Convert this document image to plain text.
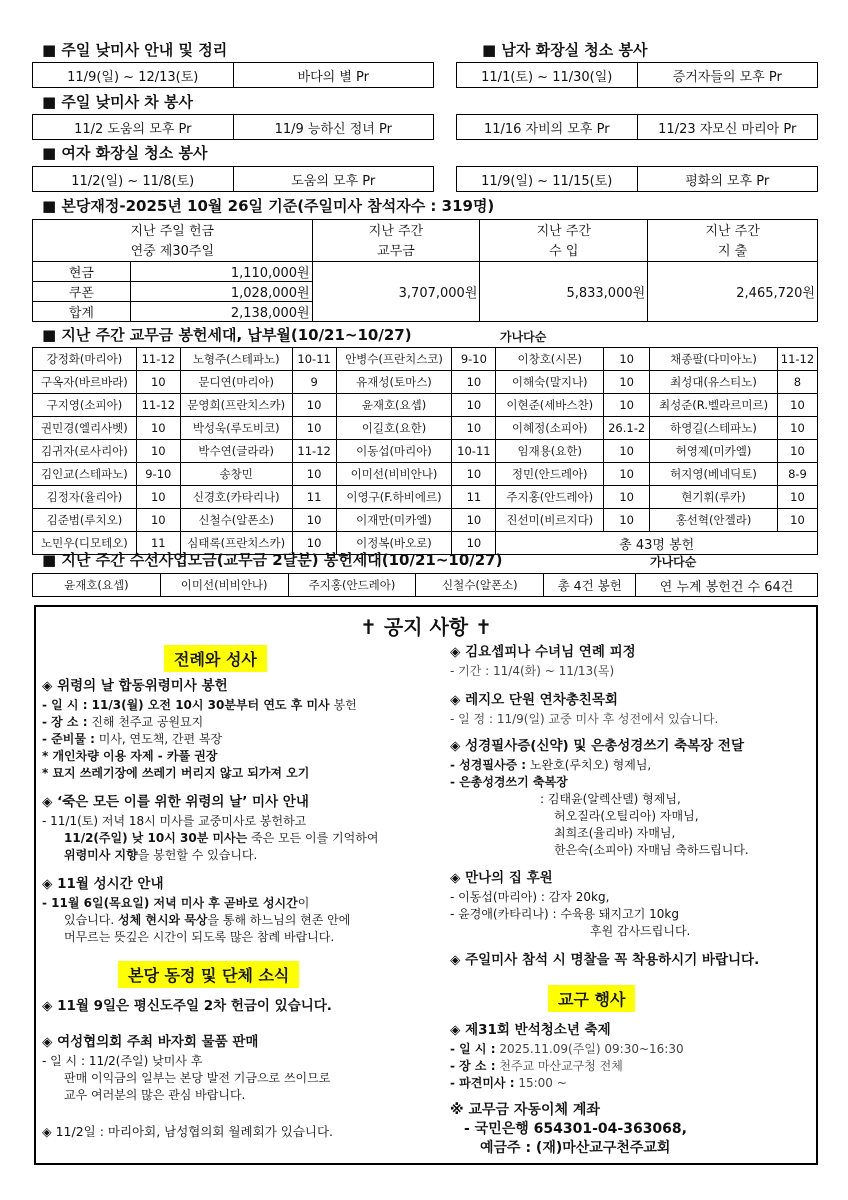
■ 주일 낮미사 안내 및 정리	■ 남자 화장실 청소 봉사
11/9(일) ~ 12/13(토)	바다의 별 Pr	11/1(토) ~ 11/30(일)	증거자들의 모후 Pr
■ 주일 낮미사 차 봉사
11/2 도움의 모후 Pr	11/9 능하신 정녀 Pr	11/16 자비의 모후 Pr	11/23 자모신 마리아 Pr
■ 여자 화장실 청소 봉사
11/2(일) ~ 11/8(토)	도움의 모후 Pr	11/9(일) ~ 11/15(토)	평화의 모후 Pr
■ 본당재정-2025년 10월 26일 기준(주일미사 참석자수 : 319명)
지난 주일 헌금		지난 주간	지난 주간	지난 주간
연중 제30주일		교무금	수 입	지 출
현금	1,110,000원	3,707,000원	5,833,000원	2,465,720원
쿠폰	1,028,000원			
합계	2,138,000원			
■ 지난 주간 교무금 봉헌세대, 납부월(10/21~10/27)	가나다순
강정화(마리아)	11-12	노형주(스테파노)	10-11	안병수(프란치스코)	9-10	이창호(시몬)	10	채종팔(다미아노)	11-12
구옥자(바르바라)	10	문디연(마리아)	9	유재성(토마스)	10	이해숙(말지나)	10	최성대(유스티노)	8
구지영(소피아)	11-12	문영희(프란치스카)	10	윤재호(요셉)	10	이현준(세바스찬)	10	최성준(R.벨라르미르)	10
권민경(엘리사벳)	10	박성욱(루도비코)	10	이길호(요한)	10	이혜정(소피아)	26.1-2	하영길(스테파노)	10
김귀자(로사리아)	10	박수연(글라라)	11-12	이동섭(마리아)	10-11	임재용(요한)	10	허영제(미카엘)	10
김인교(스테파노)	9-10	송창민	10	이미선(비비안나)	10	정민(안드레아)	10	허지영(베네딕토)	8-9
김정자(율리아)	10	신경호(카타리나)	11	이영구(F.하비에르)	11	주지홍(안드레아)	10	현기휘(루카)	10
김준범(루치오)	10	신철수(알폰소)	10	이재만(미카엘)	10	진선미(비르지다)	10	홍선혁(안젤라)	10
노민우(디모테오)	11	심태록(프란치스카)	10	이정복(바오로)	10	총 43명 봉헌			
■ 지난 주간 수선사업모금(교무금 2달분) 봉헌세대(10/21~10/27)	가나다순
윤재호(요셉)	이미선(비비안나)	주지홍(안드레아)	신철수(알폰소)	총 4건 봉헌	연 누계 봉헌건 수 64건
✝ 공지 사항 ✝
전례와 성사
◈ 위령의 날 합동위령미사 봉헌
- 일 시 : 11/3(월) 오전 10시 30분부터 연도 후 미사 봉헌
- 장 소 : 진해 천주교 공원묘지
- 준비물 : 미사, 연도책, 간편 복장
* 개인차량 이용 자제 - 카풀 권장
* 묘지 쓰레기장에 쓰레기 버리지 않고 되가져 오기
◈ ‘죽은 모든 이를 위한 위령의 날’ 미사 안내
- 11/1(토) 저녁 18시 미사를 교중미사로 봉헌하고
11/2(주일) 낮 10시 30분 미사는 죽은 모든 이를 기억하여
위령미사 지향을 봉헌할 수 있습니다.
◈ 11월 성시간 안내
- 11월 6일(목요일) 저녁 미사 후 곧바로 성시간이
있습니다. 성체 현시와 묵상을 통해 하느님의 현존 안에
머무르는 뜻깊은 시간이 되도록 많은 참례 바랍니다.
본당 동정 및 단체 소식
◈ 11월 9일은 평신도주일 2차 헌금이 있습니다.
◈ 여성협의회 주최 바자회 물품 판매
- 일 시 : 11/2(주일) 낮미사 후
판매 이익금의 일부는 본당 발전 기금으로 쓰이므로
교우 여러분의 많은 관심 바랍니다.
◈ 11/2일 : 마리아회, 남성협의회 월례회가 있습니다.
◈ 김요셉피나 수녀님 연례 피정
- 기간 : 11/4(화) ~ 11/13(목)
◈ 레지오 단원 연차총친목회
- 일 정 : 11/9(일) 교중 미사 후 성전에서 있습니다.
◈ 성경필사증(신약) 및 은총성경쓰기 축복장 전달
- 성경필사증 : 노완호(루치오) 형제님,
- 은총성경쓰기 축복장
: 김태윤(알렉산델) 형제님,
허오질라(오틸리아) 자매님,
최희조(율리바) 자매님,
한은숙(소피아) 자매님 축하드립니다.
◈ 만나의 집 후원
- 이동섭(마리아) : 감자 20kg,
- 윤경애(카타리나) : 수육용 돼지고기 10kg
후원 감사드립니다.
◈ 주일미사 참석 시 명찰을 꼭 착용하시기 바랍니다.
교구 행사
◈ 제31회 반석청소년 축제
- 일 시 : 2025.11.09(주일) 09:30~16:30
- 장 소 : 천주교 마산교구청 전체
- 파견미사 : 15:00 ~
※ 교무금 자동이체 계좌
- 국민은행 654301-04-363068,
예금주 : (재)마산교구천주교회
